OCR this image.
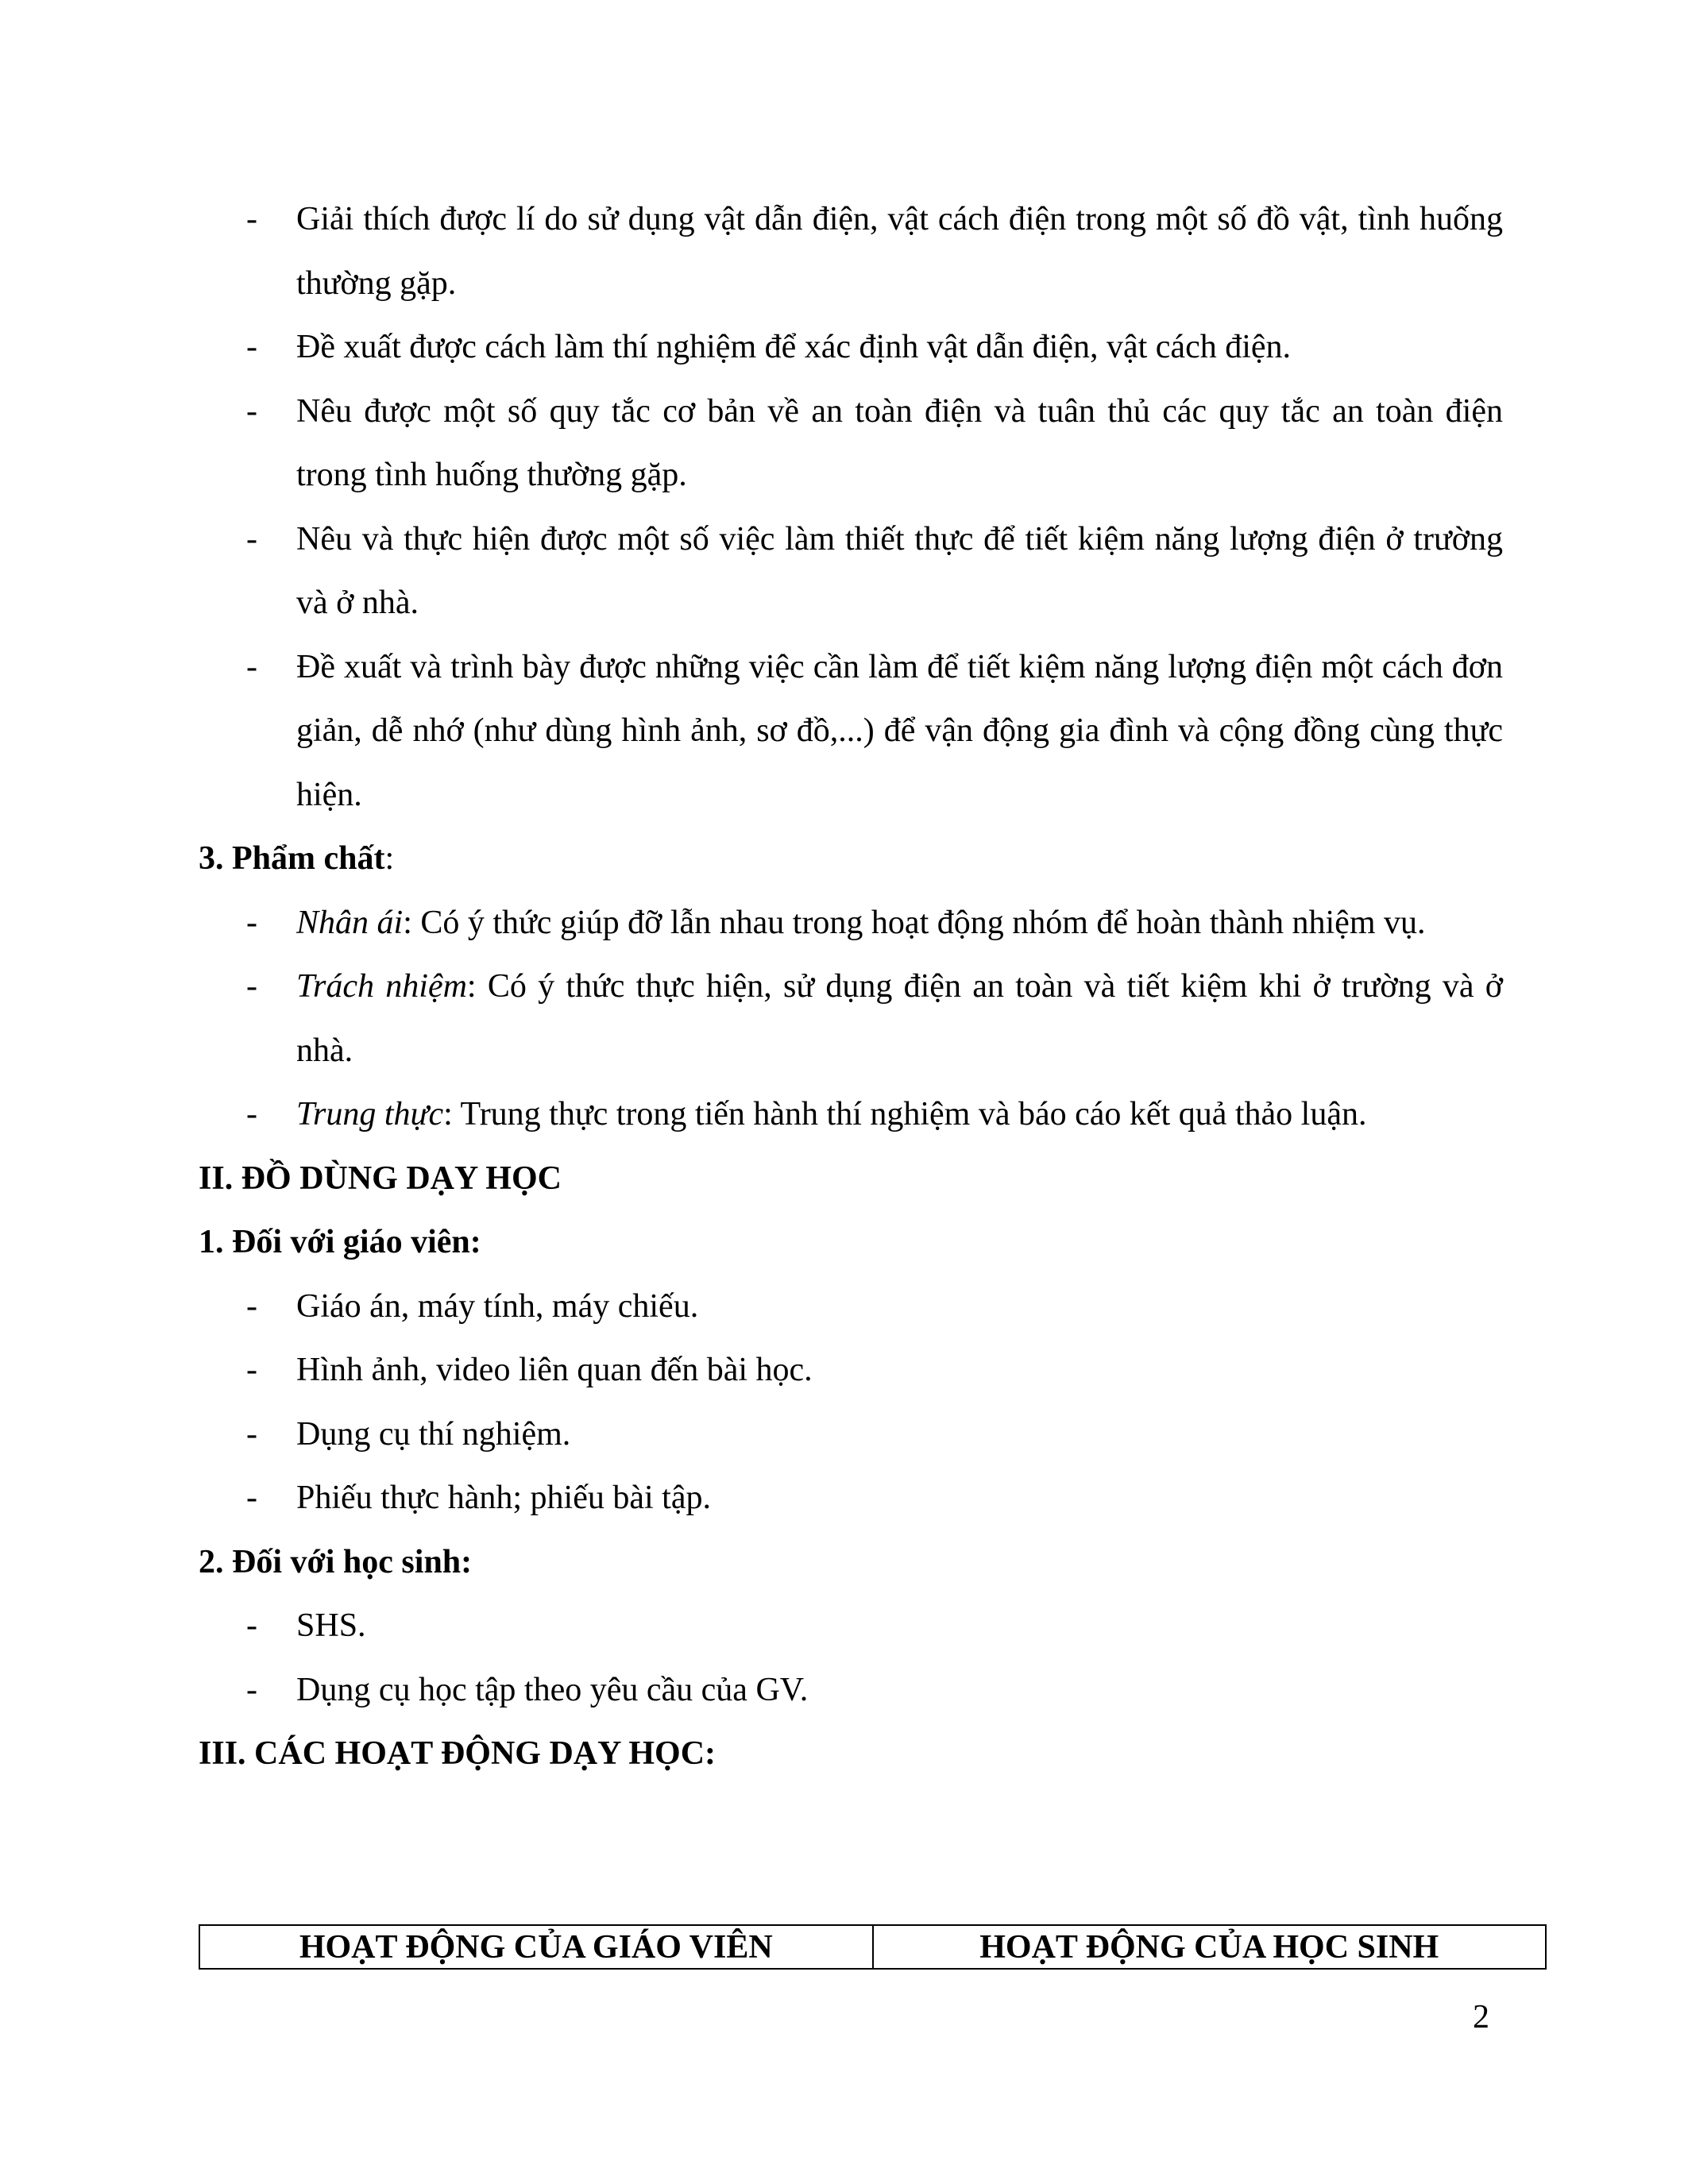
- Giải thích được lí do sử dụng vật dẫn điện, vật cách điện trong một số đồ vật, tình huống thường gặp.
- Đề xuất được cách làm thí nghiệm để xác định vật dẫn điện, vật cách điện.
- Nêu được một số quy tắc cơ bản về an toàn điện và tuân thủ các quy tắc an toàn điện trong tình huống thường gặp.
- Nêu và thực hiện được một số việc làm thiết thực để tiết kiệm năng lượng điện ở trường và ở nhà.
- Đề xuất và trình bày được những việc cần làm để tiết kiệm năng lượng điện một cách đơn giản, dễ nhớ (như dùng hình ảnh, sơ đồ,...) để vận động gia đình và cộng đồng cùng thực hiện.
3. Phẩm chất:
- Nhân ái: Có ý thức giúp đỡ lẫn nhau trong hoạt động nhóm để hoàn thành nhiệm vụ.
- Trách nhiệm: Có ý thức thực hiện, sử dụng điện an toàn và tiết kiệm khi ở trường và ở nhà.
- Trung thực: Trung thực trong tiến hành thí nghiệm và báo cáo kết quả thảo luận.
II. ĐỒ DÙNG DẠY HỌC
1. Đối với giáo viên:
- Giáo án, máy tính, máy chiếu.
- Hình ảnh, video liên quan đến bài học.
- Dụng cụ thí nghiệm.
- Phiếu thực hành; phiếu bài tập.
2. Đối với học sinh:
- SHS.
- Dụng cụ học tập theo yêu cầu của GV.
III. CÁC HOẠT ĐỘNG DẠY HỌC:
HOẠT ĐỘNG CỦA GIÁO VIÊN	HOẠT ĐỘNG CỦA HỌC SINH
2
